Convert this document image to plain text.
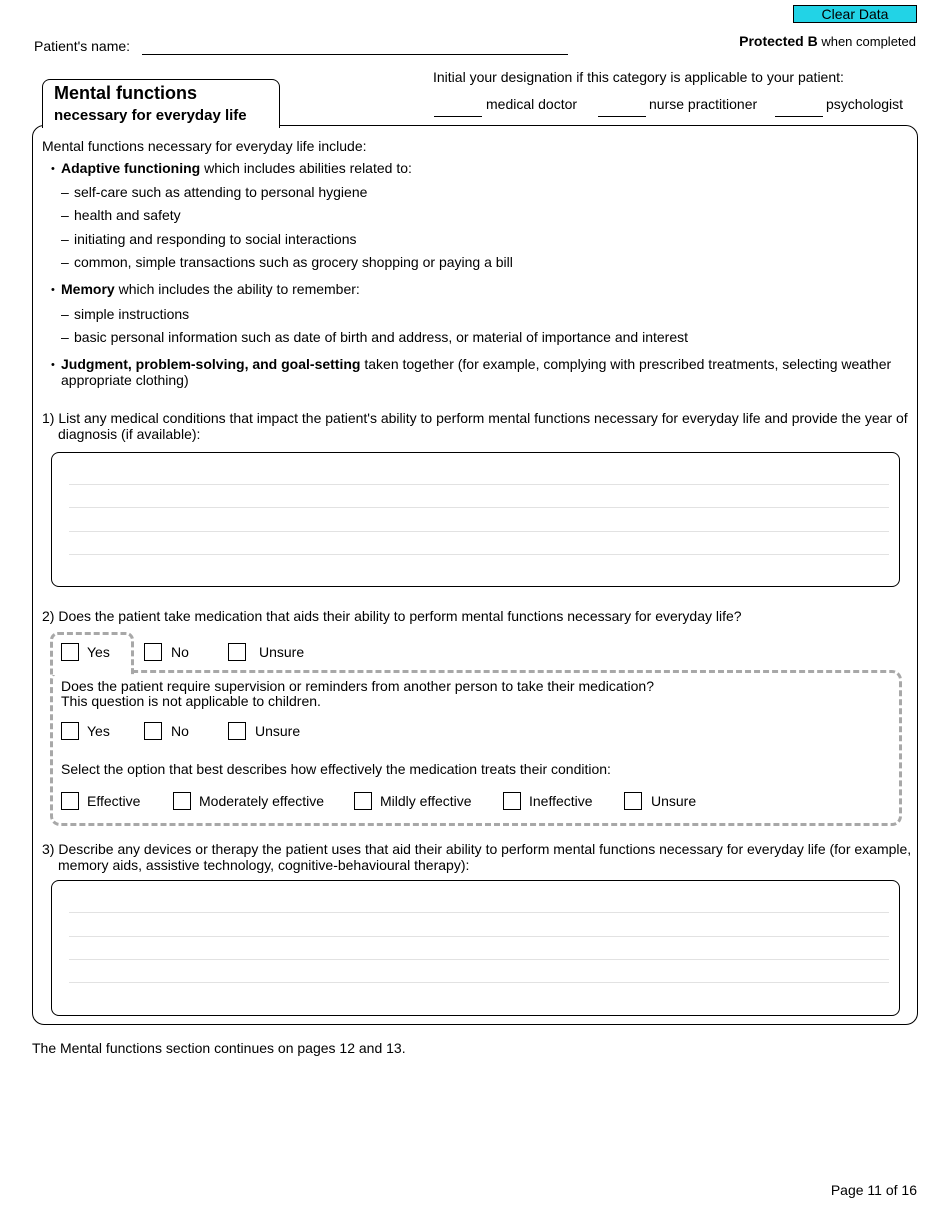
Clear Data
Patient's name:	Protected B when completed
Mental functions
necessary for everyday life
Initial your designation if this category is applicable to your patient:
medical doctor	nurse practitioner	psychologist
Mental functions necessary for everyday life include:
• Adaptive functioning which includes abilities related to:
– self-care such as attending to personal hygiene
– health and safety
– initiating and responding to social interactions
– common, simple transactions such as grocery shopping or paying a bill
• Memory which includes the ability to remember:
– simple instructions
– basic personal information such as date of birth and address, or material of importance and interest
• Judgment, problem-solving, and goal-setting taken together (for example, complying with prescribed treatments, selecting weather appropriate clothing)
1) List any medical conditions that impact the patient's ability to perform mental functions necessary for everyday life and provide the year of
diagnosis (if available):
2) Does the patient take medication that aids their ability to perform mental functions necessary for everyday life?
Yes	No	Unsure
Does the patient require supervision or reminders from another person to take their medication?
This question is not applicable to children.
Yes	No	Unsure
Select the option that best describes how effectively the medication treats their condition:
Effective	Moderately effective	Mildly effective	Ineffective	Unsure
3) Describe any devices or therapy the patient uses that aid their ability to perform mental functions necessary for everyday life (for example,
memory aids, assistive technology, cognitive-behavioural therapy):
The Mental functions section continues on pages 12 and 13.
Page 11 of 16
